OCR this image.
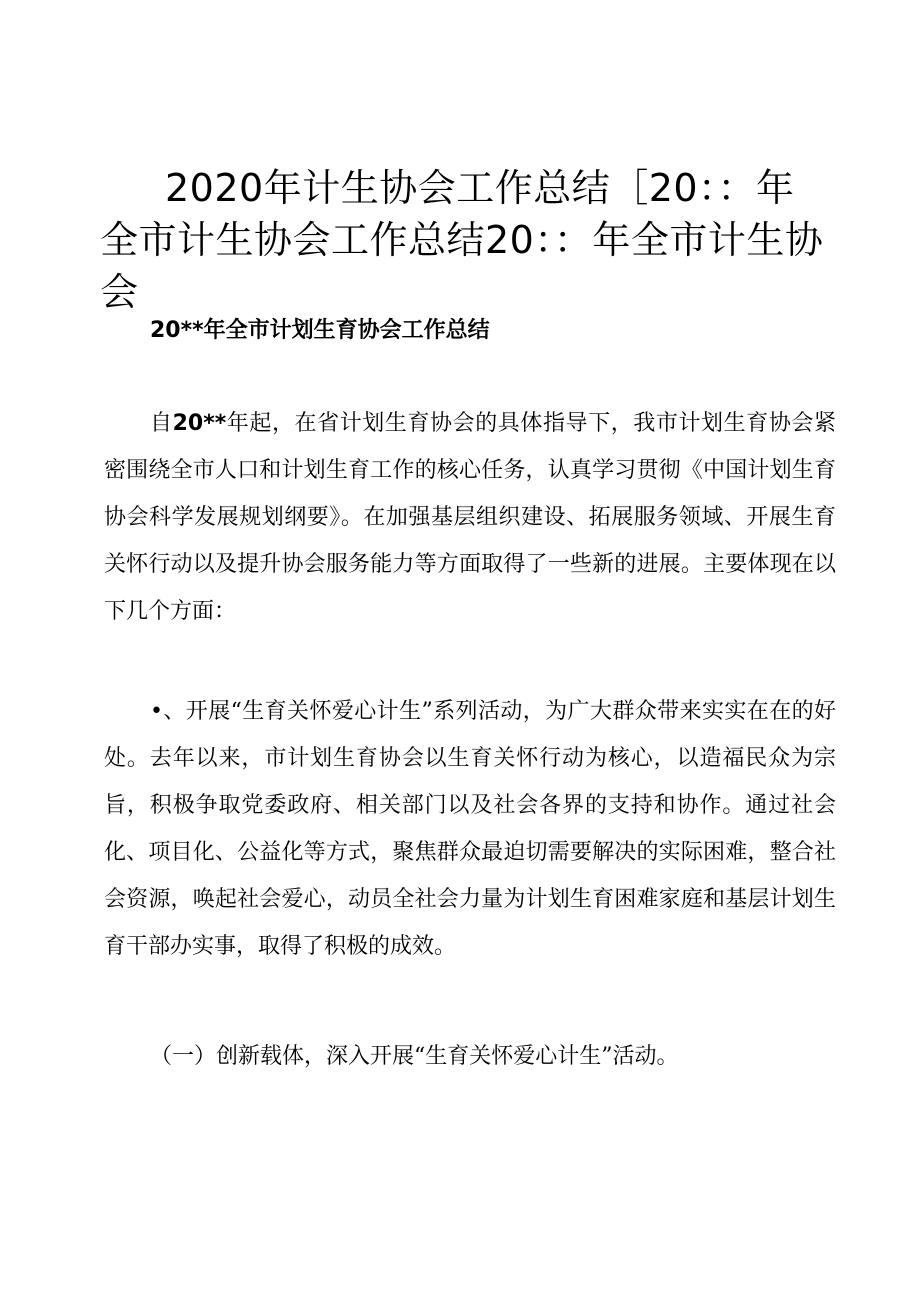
2020年计生协会工作总结［20：：年全市计生协会工作总结20：：年全市计生协会

20**年全市计划生育协会工作总结

自20**年起，在省计划生育协会的具体指导下，我市计划生育协会紧密围绕全市人口和计划生育工作的核心任务，认真学习贯彻《中国计划生育协会科学发展规划纲要》。在加强基层组织建设、拓展服务领域、开展生育关怀行动以及提升协会服务能力等方面取得了一些新的进展。主要体现在以下几个方面：

•、开展“生育关怀爱心计生”系列活动，为广大群众带来实实在在的好处。去年以来，市计划生育协会以生育关怀行动为核心，以造福民众为宗旨，积极争取党委政府、相关部门以及社会各界的支持和协作。通过社会化、项目化、公益化等方式，聚焦群众最迫切需要解决的实际困难，整合社会资源，唤起社会爱心，动员全社会力量为计划生育困难家庭和基层计划生育干部办实事，取得了积极的成效。

（一）创新载体，深入开展“生育关怀爱心计生”活动。
